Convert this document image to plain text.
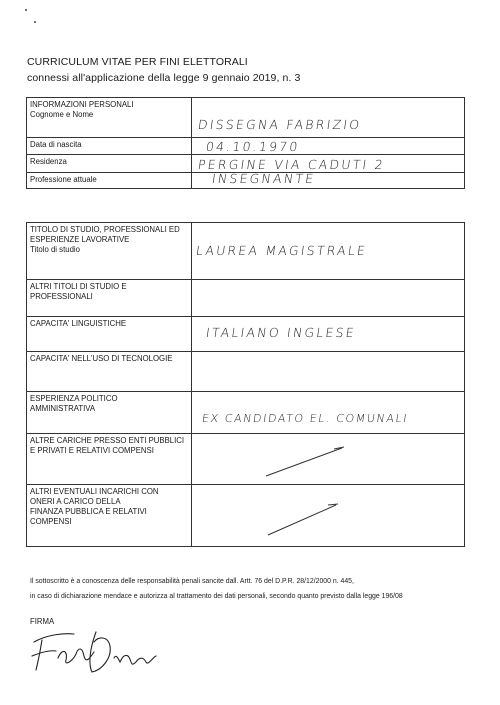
CURRICULUM VITAE PER FINI ELETTORALI
connessi all'applicazione della legge 9 gennaio 2019, n. 3
INFORMAZIONI PERSONALI
Cognome e Nome	DISSEGNA FABRIZIO

Data di nascita	04.10.1970

Residenza	PERGINE VIA CADUTI 2

Professione attuale	INSEGNANTE
TITOLO DI STUDIO, PROFESSIONALI ED
ESPERIENZE LAVORATIVE
Titolo di studio	LAUREA MAGISTRALE

ALTRI TITOLI DI STUDIO E
PROFESSIONALI	

CAPACITA' LINGUISTICHE	ITALIANO INGLESE

CAPACITA' NELL'USO DI TECNOLOGIE	

ESPERIENZA POLITICO
AMMINISTRATIVA	EX CANDIDATO EL. COMUNALI

ALTRE CARICHE PRESSO ENTI PUBBLICI
E PRIVATI E RELATIVI COMPENSI

ALTRI EVENTUALI INCARICHI CON
ONERI A CARICO DELLA
FINANZA PUBBLICA E RELATIVI
COMPENSI

Il sottoscritto è a conoscenza delle responsabilità penali sancite dall. Artt. 76 del D.P.R. 28/12/2000 n. 445,
in caso di dichiarazione mendace e autorizza al trattamento dei dati personali, secondo quanto previsto dalla legge 196/08
FIRMA
